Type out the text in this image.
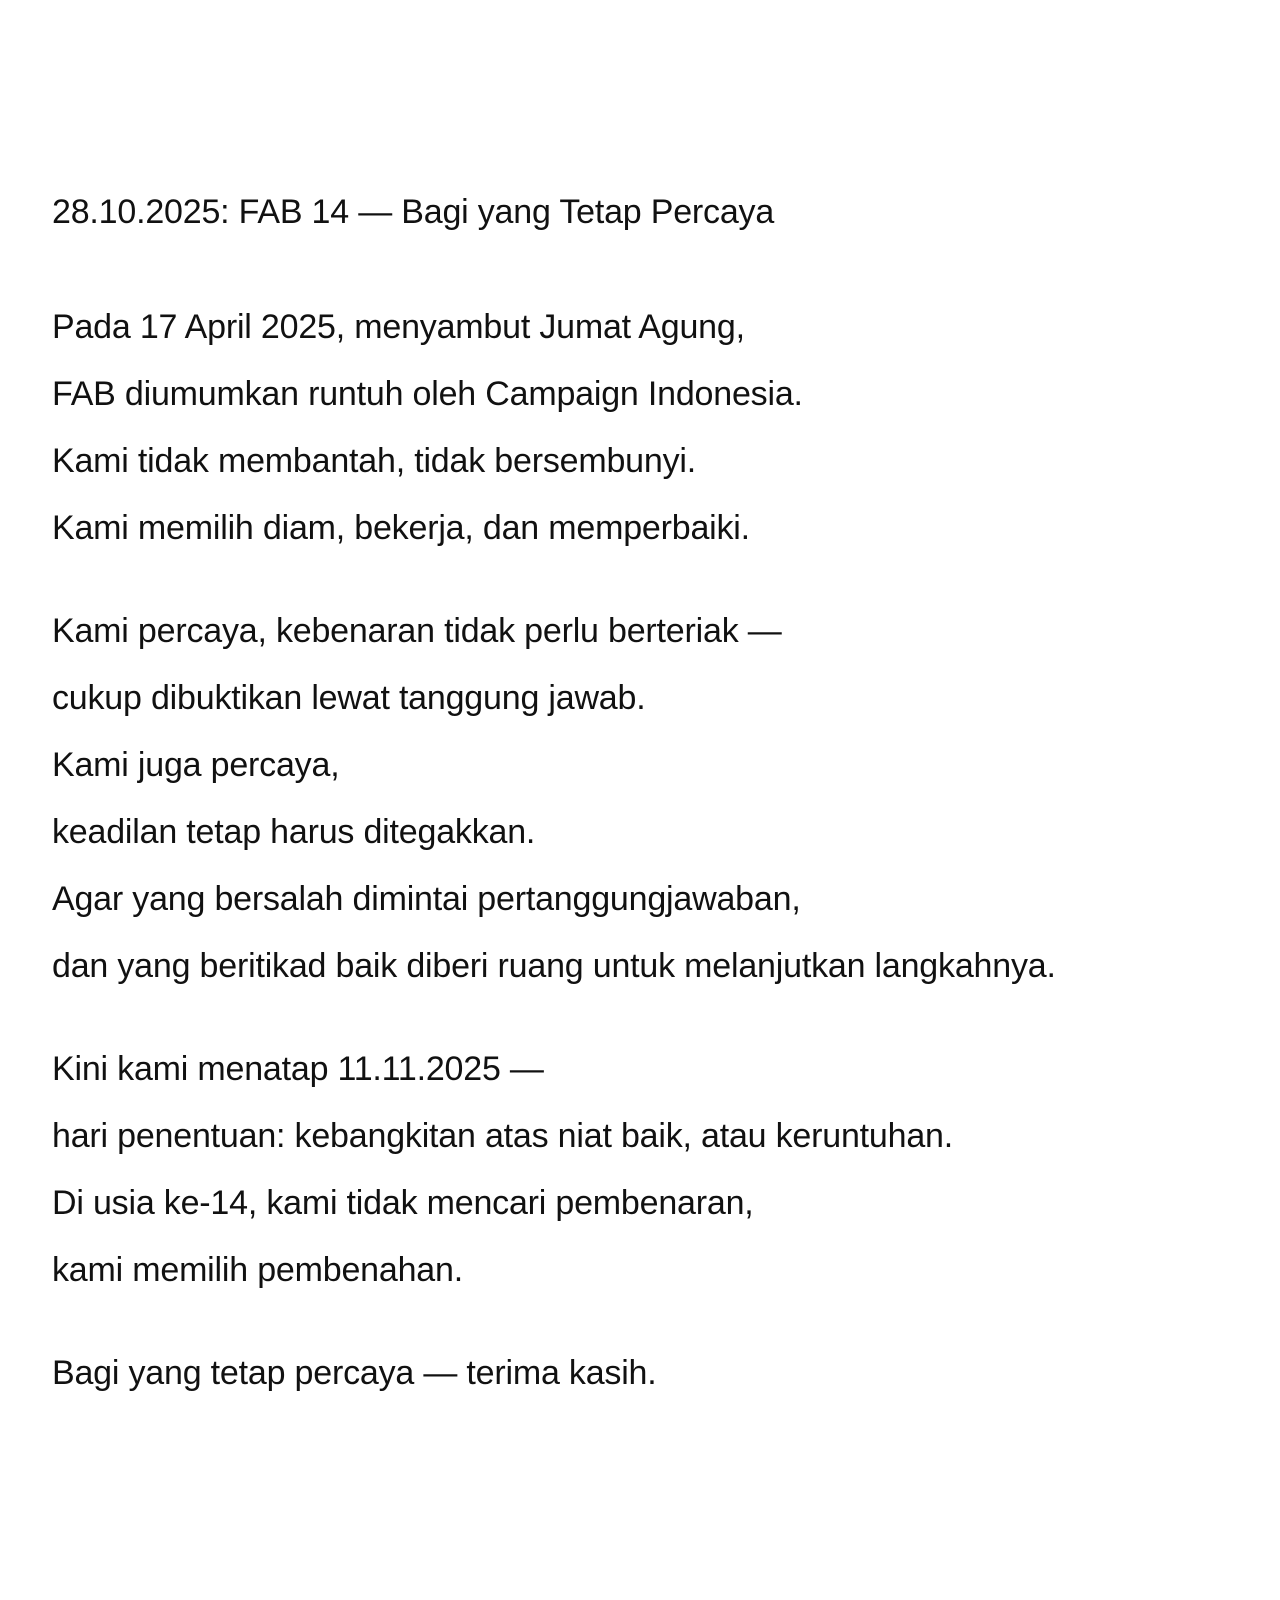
28.10.2025: FAB 14 — Bagi yang Tetap Percaya
Pada 17 April 2025, menyambut Jumat Agung,
FAB diumumkan runtuh oleh Campaign Indonesia.
Kami tidak membantah, tidak bersembunyi.
Kami memilih diam, bekerja, dan memperbaiki.
Kami percaya, kebenaran tidak perlu berteriak —
cukup dibuktikan lewat tanggung jawab.
Kami juga percaya,
keadilan tetap harus ditegakkan.
Agar yang bersalah dimintai pertanggungjawaban,
dan yang beritikad baik diberi ruang untuk melanjutkan langkahnya.
Kini kami menatap 11.11.2025 —
hari penentuan: kebangkitan atas niat baik, atau keruntuhan.
Di usia ke-14, kami tidak mencari pembenaran,
kami memilih pembenahan.
Bagi yang tetap percaya — terima kasih.
